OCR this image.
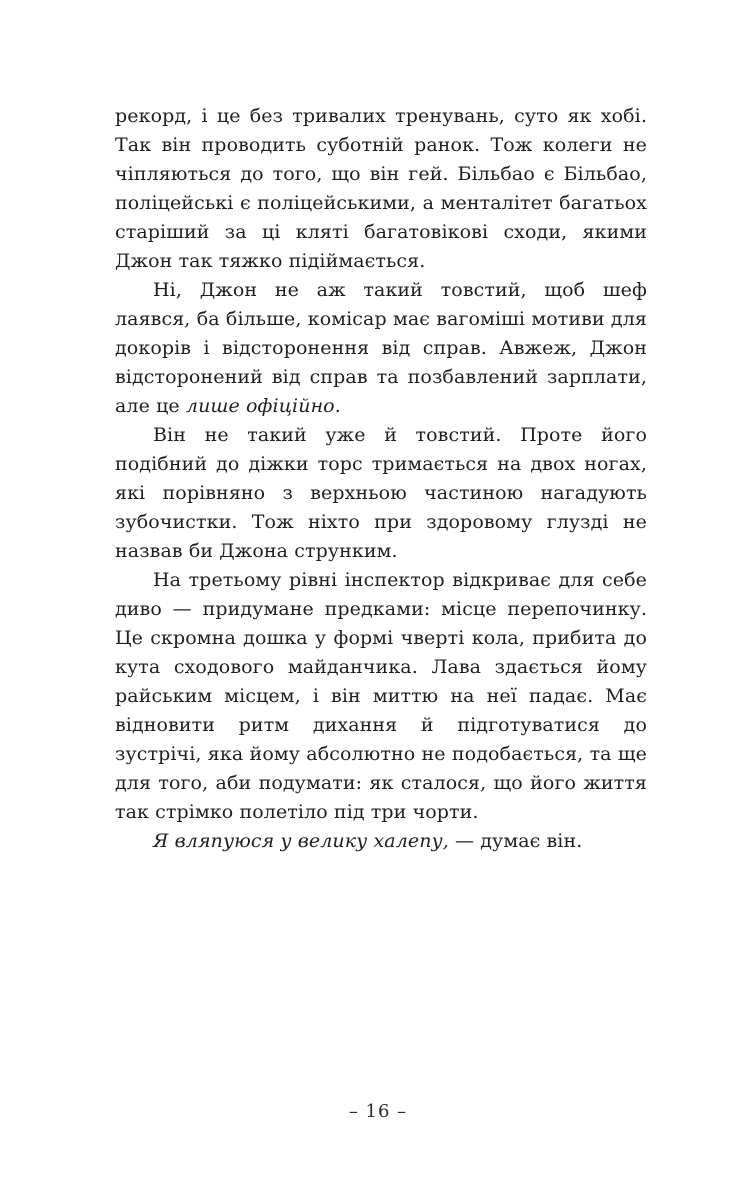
рекорд, і це без тривалих тренувань, суто як хобі. Так він проводить суботній ранок. Тож колеги не чіпляються до того, що він гей. Більбао є Більбао, поліцейські є поліцейськими, а менталітет багатьох старіший за ці кляті багатовікові сходи, якими Джон так тяжко підіймається.

Ні, Джон не аж такий товстий, щоб шеф лаявся, ба більше, комісар має вагоміші мотиви для докорів і відсторонення від справ. Авжеж, Джон відсторонений від справ та позбавлений зарплати, але це лише офіційно.

Він не такий уже й товстий. Проте його подібний до діжки торс тримається на двох ногах, які порівняно з верхньою частиною нагадують зубочистки. Тож ніхто при здоровому глузді не назвав би Джона струнким.

На третьому рівні інспектор відкриває для себе диво — придумане предками: місце перепочинку. Це скромна дошка у формі чверті кола, прибита до кута сходового майданчика. Лава здається йому райським місцем, і він миттю на неї падає. Має відновити ритм дихання й підготуватися до зустрічі, яка йому абсолютно не подобається, та ще для того, аби подумати: як сталося, що його життя так стрімко полетіло під три чорти.

Я вляпуюся у велику халепу, — думає він.

– 16 –
